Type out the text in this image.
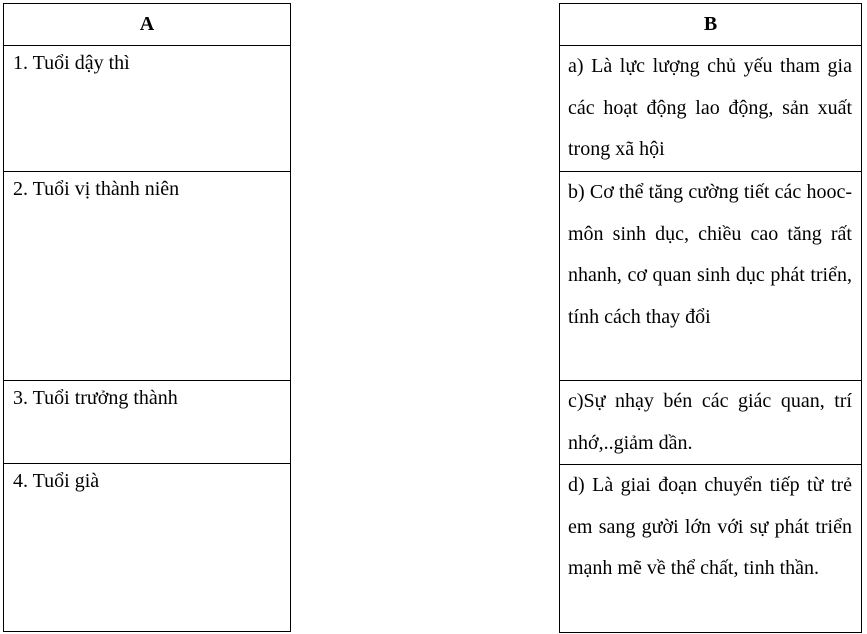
A
1. Tuổi dậy thì
2. Tuổi vị thành niên
3. Tuổi trưởng thành
4. Tuổi già
B
a) Là lực lượng chủ yếu tham gia các hoạt động lao động, sản xuất trong xã hội
b) Cơ thể tăng cường tiết các hooc-môn sinh dục, chiều cao tăng rất nhanh, cơ quan sinh dục phát triển, tính cách thay đổi
c)Sự nhạy bén các giác quan, trí nhớ,..giảm dần.
d) Là giai đoạn chuyển tiếp từ trẻ em sang gười lớn với sự phát triển mạnh mẽ về thể chất, tinh thần.
